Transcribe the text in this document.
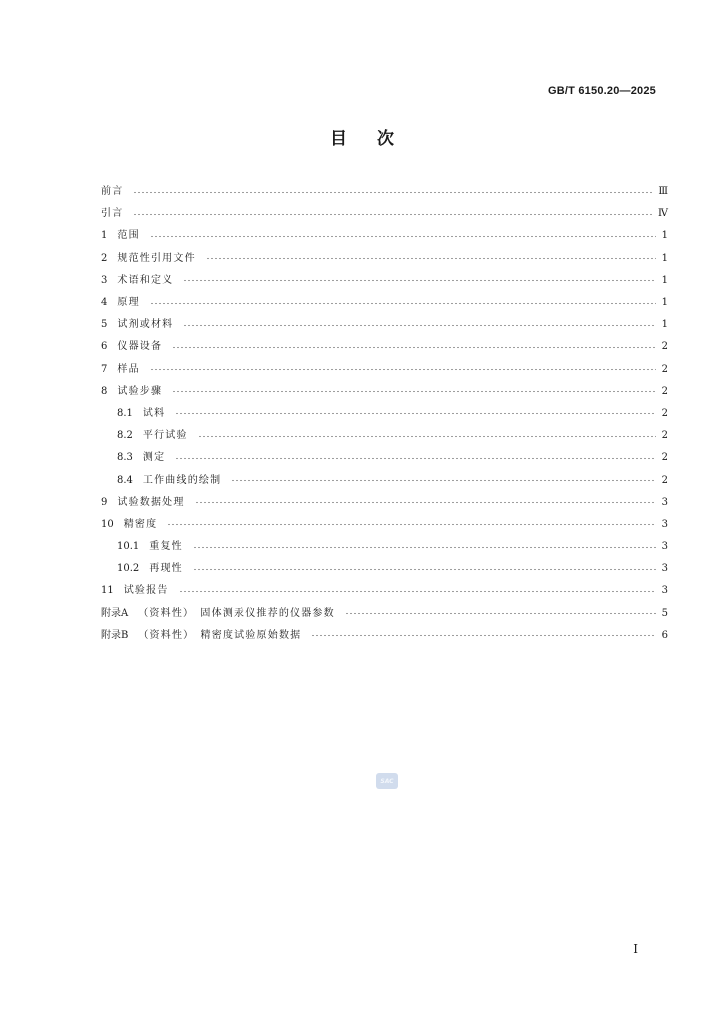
GB/T 6150.20—2025
目次
前言	Ⅲ
引言	Ⅳ
1 范围	1
2 规范性引用文件	1
3 术语和定义	1
4 原理	1
5 试剂或材料	1
6 仪器设备	2
7 样品	2
8 试验步骤	2
8.1 试料	2
8.2 平行试验	2
8.3 测定	2
8.4 工作曲线的绘制	2
9 试验数据处理	3
10 精密度	3
10.1 重复性	3
10.2 再现性	3
11 试验报告	3
附录A （资料性）　固体测汞仪推荐的仪器参数	5
附录B （资料性）　精密度试验原始数据	6
SAC
I
